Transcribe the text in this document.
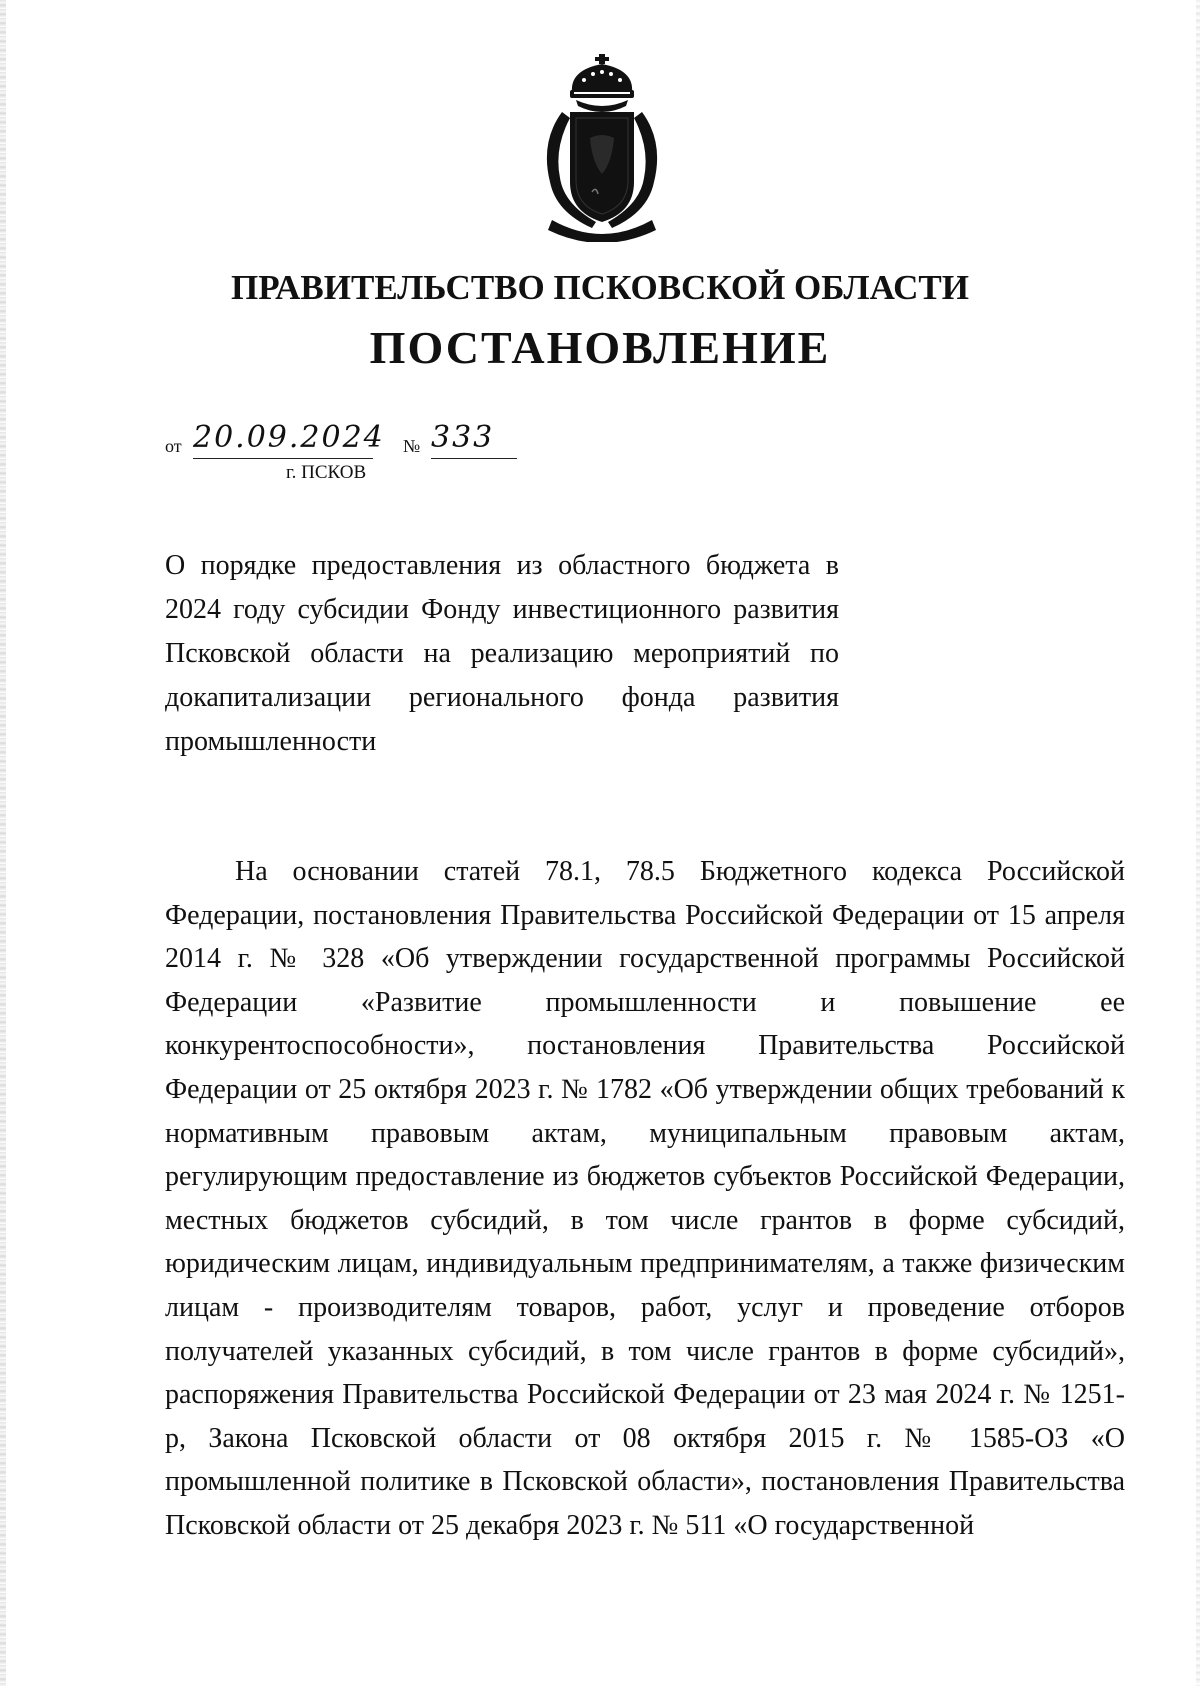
ПРАВИТЕЛЬСТВО ПСКОВСКОЙ ОБЛАСТИ
ПОСТАНОВЛЕНИЕ
от 20.09.2024 № 333
г. ПСКОВ
О порядке предоставления из областного бюджета в 2024 году субсидии Фонду инвестиционного развития Псковской области на реализацию мероприятий по докапитализации регионального фонда развития промышленности

На основании статей 78.1, 78.5 Бюджетного кодекса Российской Федерации, постановления Правительства Российской Федерации от 15 апреля 2014 г. № 328 «Об утверждении государственной программы Российской Федерации «Развитие промышленности и повышение ее конкурентоспособности», постановления Правительства Российской Федерации от 25 октября 2023 г. № 1782 «Об утверждении общих требований к нормативным правовым актам, муниципальным правовым актам, регулирующим предоставление из бюджетов субъектов Российской Федерации, местных бюджетов субсидий, в том числе грантов в форме субсидий, юридическим лицам, индивидуальным предпринимателям, а также физическим лицам - производителям товаров, работ, услуг и проведение отборов получателей указанных субсидий, в том числе грантов в форме субсидий», распоряжения Правительства Российской Федерации от 23 мая 2024 г. № 1251-р, Закона Псковской области от 08 октября 2015 г. № 1585-ОЗ «О промышленной политике в Псковской области», постановления Правительства Псковской области от 25 декабря 2023 г. № 511 «О государственной
